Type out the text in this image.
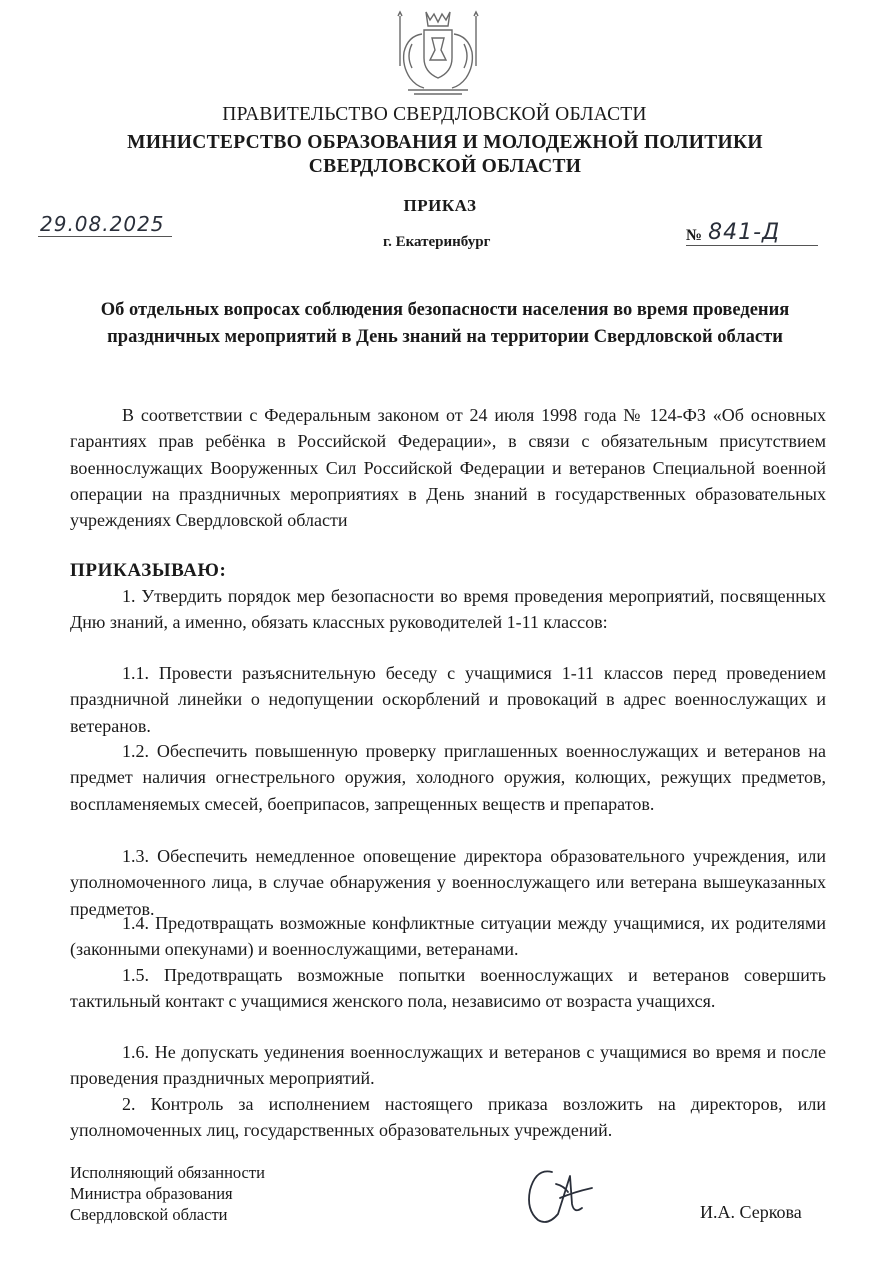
ПРАВИТЕЛЬСТВО СВЕРДЛОВСКОЙ ОБЛАСТИ
МИНИСТЕРСТВО ОБРАЗОВАНИЯ И МОЛОДЕЖНОЙ ПОЛИТИКИ
СВЕРДЛОВСКОЙ ОБЛАСТИ
ПРИКАЗ
29.08.2025
г. Екатеринбург	№ 841-Д
Об отдельных вопросах соблюдения безопасности населения во время проведения праздничных мероприятий в День знаний на территории Свердловской области
В соответствии с Федеральным законом от 24 июля 1998 года № 124-ФЗ «Об основных гарантиях прав ребёнка в Российской Федерации», в связи с обязательным присутствием военнослужащих Вооруженных Сил Российской Федерации и ветеранов Специальной военной операции на праздничных мероприятиях в День знаний в государственных образовательных учреждениях Свердловской области
ПРИКАЗЫВАЮ:
1. Утвердить порядок мер безопасности во время проведения мероприятий, посвященных Дню знаний, а именно, обязать классных руководителей 1-11 классов:
1.1. Провести разъяснительную беседу с учащимися 1-11 классов перед проведением праздничной линейки о недопущении оскорблений и провокаций в адрес военнослужащих и ветеранов.
1.2. Обеспечить повышенную проверку приглашенных военнослужащих и ветеранов на предмет наличия огнестрельного оружия, холодного оружия, колющих, режущих предметов, воспламеняемых смесей, боеприпасов, запрещенных веществ и препаратов.
1.3. Обеспечить немедленное оповещение директора образовательного учреждения, или уполномоченного лица, в случае обнаружения у военнослужащего или ветерана вышеуказанных предметов.
1.4. Предотвращать возможные конфликтные ситуации между учащимися, их родителями (законными опекунами) и военнослужащими, ветеранами.
1.5. Предотвращать возможные попытки военнослужащих и ветеранов совершить тактильный контакт с учащимися женского пола, независимо от возраста учащихся.
1.6. Не допускать уединения военнослужащих и ветеранов с учащимися во время и после проведения праздничных мероприятий.
2. Контроль за исполнением настоящего приказа возложить на директоров, или уполномоченных лиц, государственных образовательных учреждений.
Исполняющий обязанности
Министра образования
Свердловской области	И.А. Серкова
